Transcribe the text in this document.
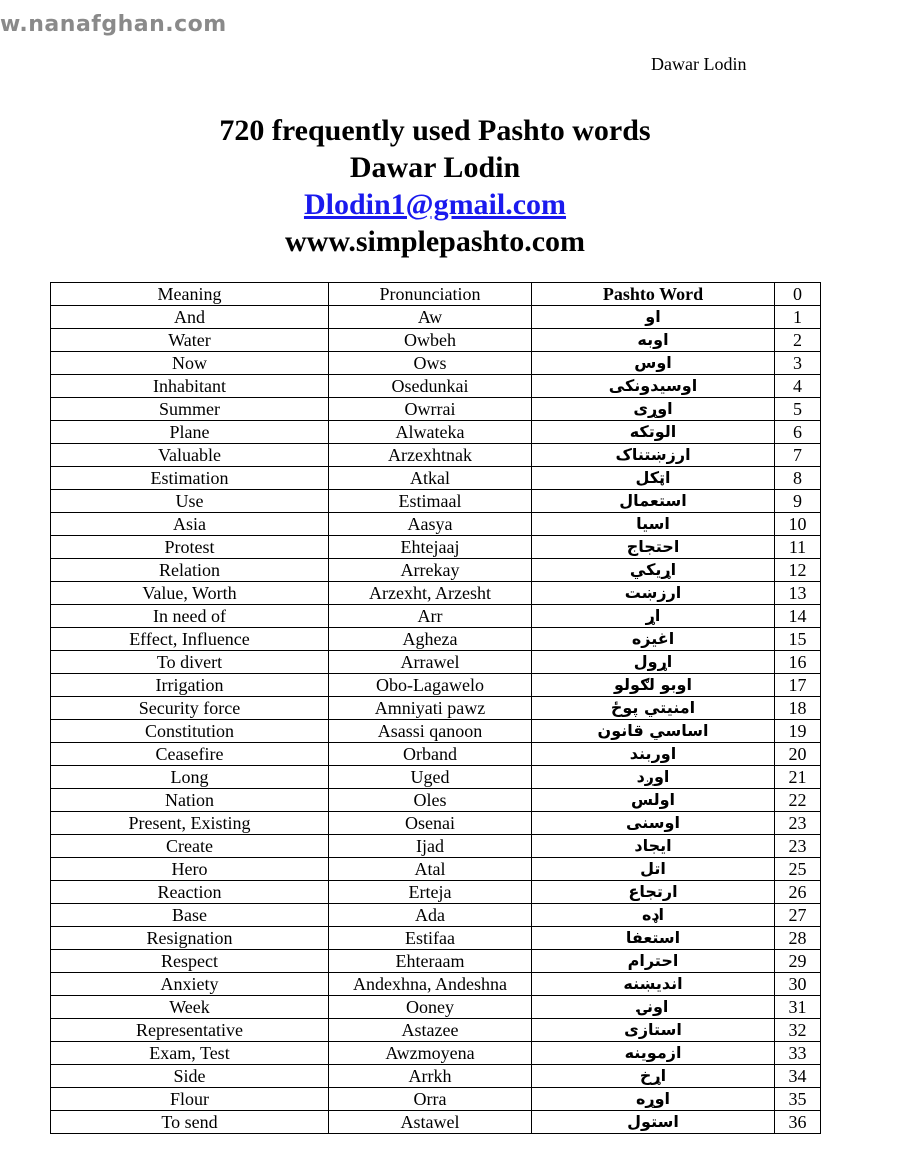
w.nanafghan.com
Dawar Lodin
720 frequently used Pashto words
Dawar Lodin
Dlodin1@gmail.com
www.simplepashto.com
Meaning	Pronunciation	Pashto Word	0
And	Aw	او	1
Water	Owbeh	اوبه	2
Now	Ows	اوس	3
Inhabitant	Osedunkai	اوسيدونکی	4
Summer	Owrrai	اوړی	5
Plane	Alwateka	الوتکه	6
Valuable	Arzexhtnak	ارزښتناک	7
Estimation	Atkal	اټکل	8
Use	Estimaal	استعمال	9
Asia	Aasya	اسيا	10
Protest	Ehtejaaj	احتجاج	11
Relation	Arrekay	اړيکي	12
Value, Worth	Arzexht, Arzesht	ارزښت	13
In need of	Arr	اړ	14
Effect, Influence	Agheza	اغيزه	15
To divert	Arrawel	اړول	16
Irrigation	Obo-Lagawelo	اوبو لګولو	17
Security force	Amniyati pawz	امنيتي پوځ	18
Constitution	Asassi qanoon	اساسي قانون	19
Ceasefire	Orband	اوربند	20
Long	Uged	اوږد	21
Nation	Oles	اولس	22
Present, Existing	Osenai	اوسنی	23
Create	Ijad	ايجاد	23
Hero	Atal	اتل	25
Reaction	Erteja	ارتجاع	26
Base	Ada	اډه	27
Resignation	Estifaa	استعفا	28
Respect	Ehteraam	احترام	29
Anxiety	Andexhna, Andeshna	انديښنه	30
Week	Ooney	اونۍ	31
Representative	Astazee	استازی	32
Exam, Test	Awzmoyena	ازموينه	33
Side	Arrkh	اړخ	34
Flour	Orra	اوړه	35
To send	Astawel	استول	36
